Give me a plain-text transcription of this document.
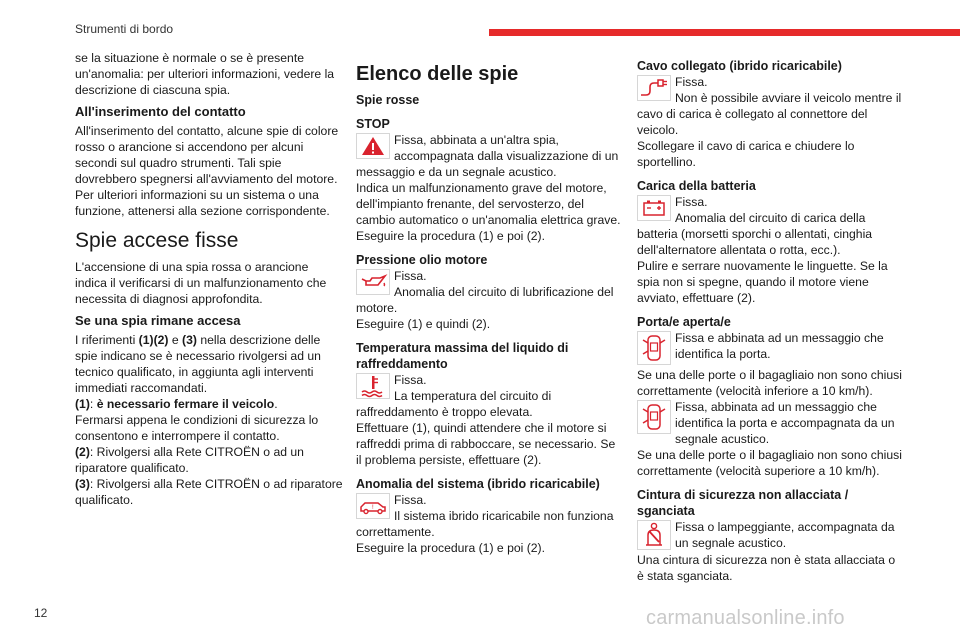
Strumenti di bordo

se la situazione è normale o se è presente un'anomalia: per ulteriori informazioni, vedere la descrizione di ciascuna spia.

All'inserimento del contatto

All'inserimento del contatto, alcune spie di colore rosso o arancione si accendono per alcuni secondi sul quadro strumenti. Tali spie dovrebbero spegnersi all'avviamento del motore. Per ulteriori informazioni su un sistema o una funzione, attenersi alla sezione corrispondente.

Spie accese fisse

L'accensione di una spia rossa o arancione indica il verificarsi di un malfunzionamento che necessita di diagnosi approfondita.

Se una spia rimane accesa

I riferimenti (1)(2) e (3) nella descrizione delle spie indicano se è necessario rivolgersi ad un tecnico qualificato, in aggiunta agli interventi immediati raccomandati.

(1): è necessario fermare il veicolo.

Fermarsi appena le condizioni di sicurezza lo consentono e interrompere il contatto.

(2): Rivolgersi alla Rete CITROËN o ad un riparatore qualificato.

(3): Rivolgersi alla Rete CITROËN o ad riparatore qualificato.

Elenco delle spie
Spie rosse
STOP

Fissa, abbinata a un'altra spia, accompagnata dalla visualizzazione di un messaggio e da un segnale acustico.

Indica un malfunzionamento grave del motore, dell'impianto frenante, del servosterzo, del cambio automatico o un'anomalia elettrica grave.

Eseguire la procedura (1) e poi (2).

Pressione olio motore

Fissa.

Anomalia del circuito di lubrificazione del motore.

Eseguire (1) e quindi (2).

Temperatura massima del liquido di raffreddamento

Fissa.

La temperatura del circuito di raffreddamento è troppo elevata.

Effettuare (1), quindi attendere che il motore si raffreddi prima di rabboccare, se necessario. Se il problema persiste, effettuare (2).

Anomalia del sistema (ibrido ricaricabile)
!

Fissa.

Il sistema ibrido ricaricabile non funziona correttamente.

Eseguire la procedura (1) e poi (2).

Cavo collegato (ibrido ricaricabile)

Fissa.

Non è possibile avviare il veicolo mentre il cavo di carica è collegato al connettore del veicolo.

Scollegare il cavo di carica e chiudere lo sportellino.

Carica della batteria

Fissa.

Anomalia del circuito di carica della batteria (morsetti sporchi o allentati, cinghia dell'alternatore allentata o rotta, ecc.).

Pulire e serrare nuovamente le linguette. Se la spia non si spegne, quando il motore viene avviato, effettuare (2).

Porta/e aperta/e

Fissa e abbinata ad un messaggio che identifica la porta.

Se una delle porte o il bagagliaio non sono chiusi correttamente (velocità inferiore a 10 km/h).

Fissa, abbinata ad un messaggio che identifica la porta e accompagnata da un segnale acustico.

Se una delle porte o il bagagliaio non sono chiusi correttamente (velocità superiore a 10 km/h).

Cintura di sicurezza non allacciata / sganciata

Fissa o lampeggiante, accompagnata da un segnale acustico.

Una cintura di sicurezza non è stata allacciata o è stata sganciata.

12	carmanualsonline.info
